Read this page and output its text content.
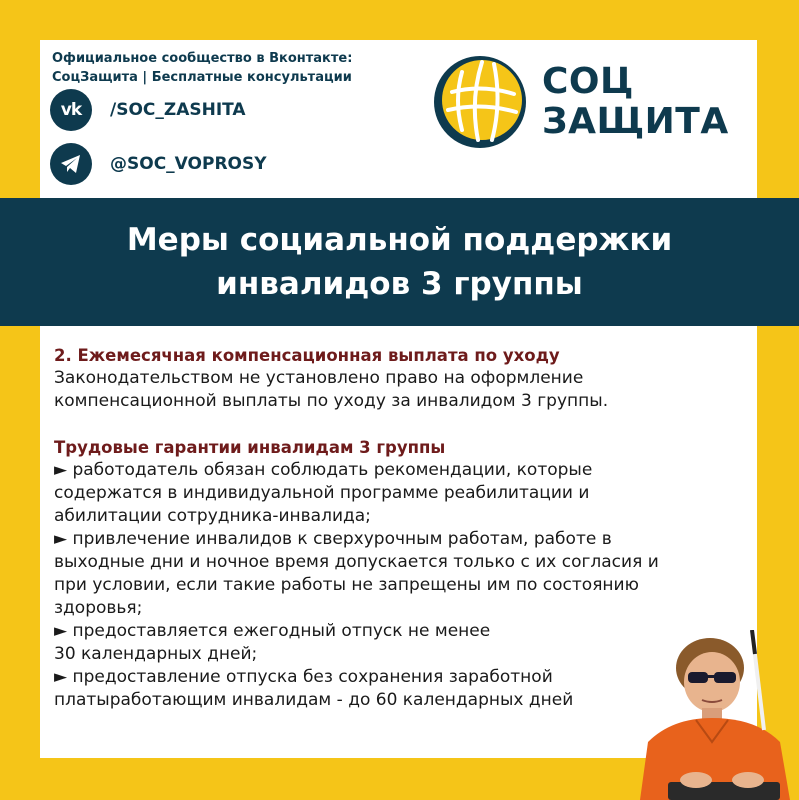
Официальное сообщество в Вконтакте:
СоцЗащита | Бесплатные консультации
vk /SOC_ZASHITA
@SOC_VOPROSY
СОЦ
ЗАЩИТА
Меры социальной поддержки
инвалидов 3 группы

2. Ежемесячная компенсационная выплата по уходу

Законодательством не установлено право на оформление

компенсационной выплаты по уходу за инвалидом 3 группы.

Трудовые гарантии инвалидам 3 группы

► работодатель обязан соблюдать рекомендации, которые

содержатся в индивидуальной программе реабилитации и

абилитации сотрудника-инвалида;

► привлечение инвалидов к сверхурочным работам, работе в

выходные дни и ночное время допускается только с их согласия и

при условии, если такие работы не запрещены им по состоянию

здоровья;

► предоставляется ежегодный отпуск не менее

30 календарных дней;

► предоставление отпуска без сохранения заработной

платыработающим инвалидам - до 60 календарных дней
